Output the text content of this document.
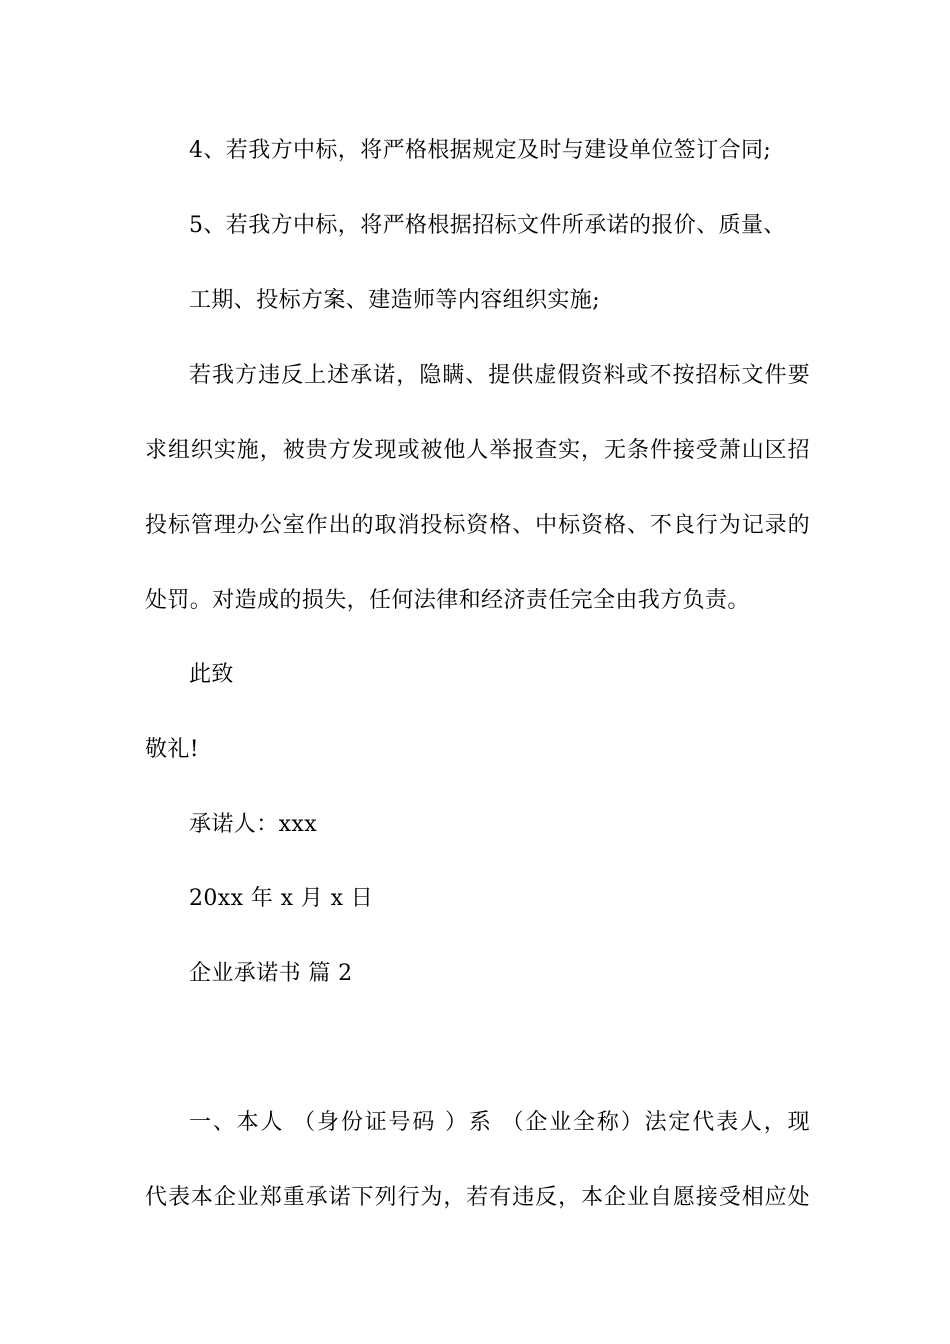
4、若我方中标，将严格根据规定及时与建设单位签订合同;
5、若我方中标，将严格根据招标文件所承诺的报价、质量、
工期、投标方案、建造师等内容组织实施;
若我方违反上述承诺，隐瞒、提供虚假资料或不按招标文件要
求组织实施，被贵方发现或被他人举报查实，无条件接受萧山区招
投标管理办公室作出的取消投标资格、中标资格、不良行为记录的
处罚。对造成的损失，任何法律和经济责任完全由我方负责。
此致
敬礼!
承诺人：xxx
20xx 年 x 月 x 日
企业承诺书 篇 2
一、本人 （身份证号码 ）系 （企业全称）法定代表人，现
代表本企业郑重承诺下列行为，若有违反，本企业自愿接受相应处
